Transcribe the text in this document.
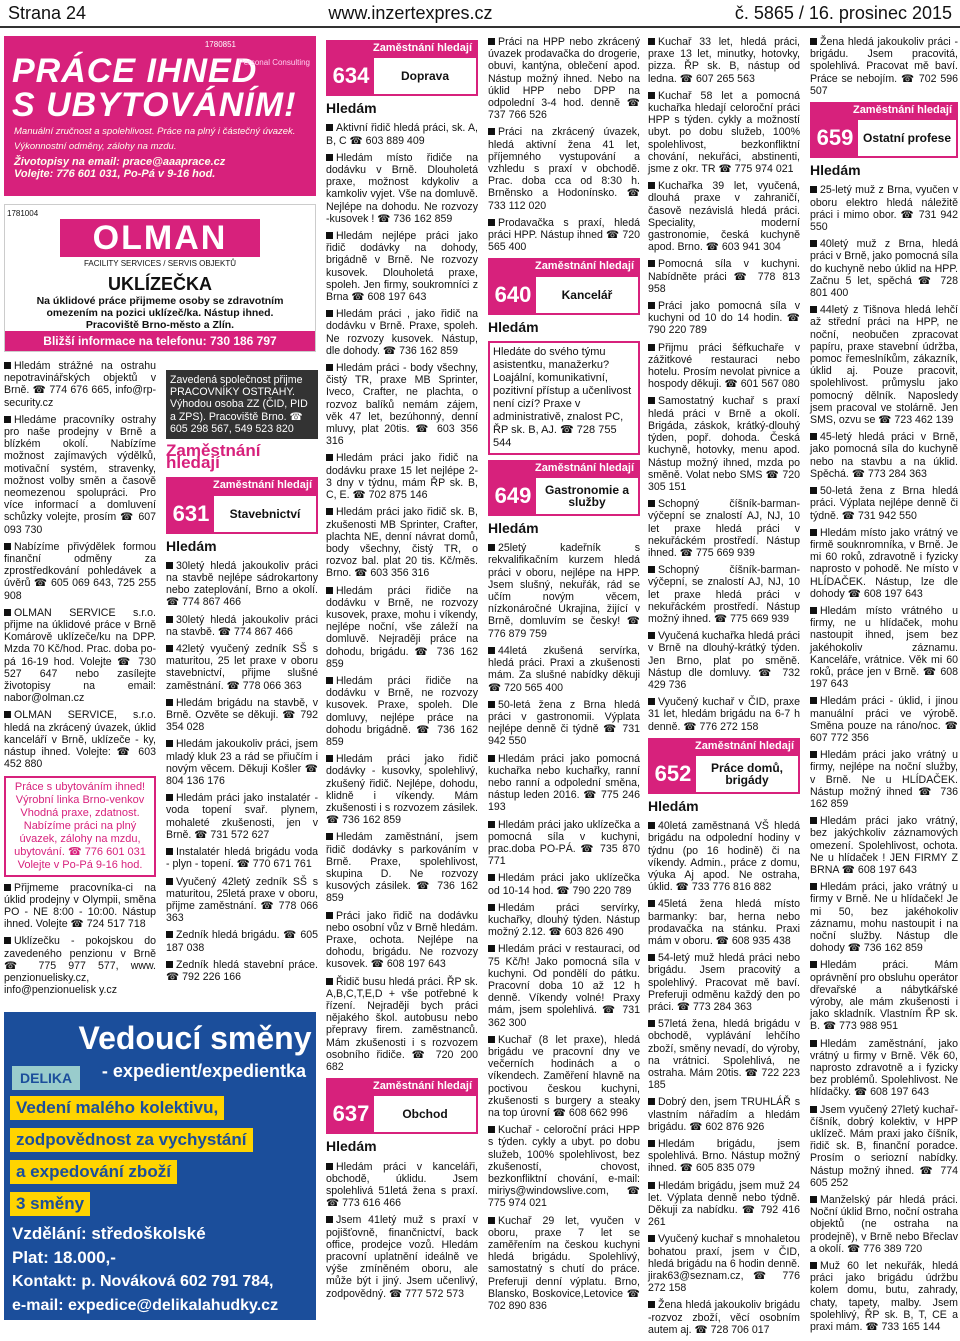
Strana 24	www.inzertexpres.cz	č. 5865 / 16. prosinec 2015
1780851
Personal Consulting
PRÁCE IHNED
S UBYTOVÁNÍM!
Manuální zručnost a spolehlivost. Práce na plný i částečný úvazek.
Výkonnostní odměny, zálohy na mzdu.
Životopisy na email: prace@aaaprace.cz
Volejte: 776 601 031, Po-Pá v 9-16 hod.
1781004
OLMAN
FACILITY SERVICES / SERVIS OBJEKTŮ
UKLÍZEČKA
Na úklidové práce přijmeme osoby se zdravotním
omezením na pozici uklízeč/ka. Nástup ihned.
Pracoviště Brno-město a Zlín.
Bližší informace na telefonu: 730 186 797
Hledám strážné na ostrahu nepotravinářských objektů v Brně. ☎ 774 676 665, info@rp-security.cz
Hledáme pracovníky ostrahy pro naše prodejny v Brně a blízkém okolí. Nabízíme možnost zajímavých výdělků, motivační systém, stravenky, možnost volby směn a časově neomezenou spolupráci. Pro více informací a domluvení schůzky volejte, prosím ☎ 607 093 730
Nabízíme přivýdělek formou finanční odměny za zprostředkování pohledávek a úvěrů ☎ 605 069 643, 725 255 908
OLMAN SERVICE s.r.o. přijme na úklidové práce v Brně Komárově uklízeče/ku na DPP. Mzda 70 Kč/hod. Prac. doba po-pá 16-19 hod. Volejte ☎ 730 527 647 nebo zasílejte životopisy na email: nabor@olman.cz
OLMAN SERVICE, s.r.o. hledá na zkrácený úvazek, úklid kanceláří v Brně, uklízeče - ky, nástup ihned. Volejte: ☎ 603 452 880
Práce s ubytováním ihned!
Výrobní linka Brno-venkov
Vhodná praxe, zdatnost.
Nabízíme práci na plný
úvazek, zálohy na mzdu,
ubytování. ☎ 776 601 031
Volejte v Po-Pá 9-16 hod.
Přijmeme pracovníka-ci na úklid prodejny v Olympii, směna PO - NE 8:00 - 10:00. Nástup ihned. Volejte ☎ 724 517 718
Uklízečku - pokojskou do zavedeného penzionu v Brně ☎ 775 977 577, www. penzionuelisky.cz, info@penzionuelisk y.cz
Vedoucí směny
DELIKA	- expedient/expedientka
Vedení malého kolektivu,
zodpovědnost za vychystání
a expedování zboží
3 směny
Vzdělání: středoškolské
Plat: 18.000,-
Kontakt: p. Nováková 602 791 784,
e-mail: expedice@delikalahudky.cz
Zavedená společnost přijme PRACOVNÍKY OSTRAHY. Výhodou osoba ZZ (ČID, PID a ZPS). Pracoviště Brno. ☎ 605 298 567, 549 523 820
Zaměstnání hledají
Zaměstnání hledají
631	Stavebnictví
Hledám
30letý hledá jakoukoliv práci na stavbě nejlépe sádrokartony nebo zateplování, Brno a okolí. ☎ 774 867 466
30letý hledá jakoukoliv práci na stavbě. ☎ 774 867 466
42letý vyučený zedník SŠ s maturitou, 25 let praxe v oboru stavebnictví, přijme slušné zaměstnání. ☎ 778 066 363
Hledám brigádu na stavbě, v Brně. Ozvěte se děkuji. ☎ 792 354 028
Hledám jakoukoliv práci, jsem mladý kluk 23 a rád se přiučím i novým věcem. Děkuji Košler ☎ 804 136 176
Hledám práci jako instalatér - voda topení svař. plynem, mohaleté zkušenosti, jen v Brně. ☎ 731 572 627
Instalatér hledá brigádu voda - plyn - topení. ☎ 770 671 761
Vyučený 42letý zedník SŠ s maturitou, 25letá praxe v oboru, přijme zaměstnání. ☎ 778 066 363
Zedník hledá brigádu. ☎ 605 187 038
Zedník hledá stavební práce. ☎ 792 226 166
Zaměstnání hledají
634	Doprava
Hledám
Aktivní řidič hledá práci, sk. A, B, C ☎ 603 889 409
Hledám místo řidiče na dodávku v Brně. Dlouholetá praxe, možnost kdykoliv a kamkoliv vyjet. Vše na domluvě. Nejlépe na dohodu. Ne rozvozy -kusovek ! ☎ 736 162 859
Hledám nejlépe práci jako řidič dodávky na dohody, brigádně v Brně. Ne rozvozy kusovek. Dlouholetá praxe, spoleh. Jen firmy, soukromníci z Brna ☎ 608 197 643
Hledám práci , jako řidič na dodávku v Brně. Praxe, spoleh. Ne rozvozy kusovek. Nástup, dle dohody. ☎ 736 162 859
Hledám práci - body všechny, čistý TR, praxe MB Sprinter, Iveco, Crafter, ne plachta, o rozvoz balíků nemám zájem, věk 47 let, bezúhonný, denní mluvy, plat 20tis. ☎ 603 356 316
Hledám práci jako řidič na dodávku praxe 15 let nejlépe 2-3 dny v týdnu, mám ŘP sk. B, C, E. ☎ 702 875 146
Hledám práci jako řidič sk. B, zkušenosti MB Sprinter, Crafter, plachta NE, denní návrat domů, body všechny, čistý TR, o rozvoz bal. plat 20 tis. Kč/měs. Brno. ☎ 603 356 316
Hledám práci řidiče na dodávku v Brně, ne rozvozy kusovek, praxe, mohu i víkendy, nejlépe noční, vše záleží na domluvě. Nejraději práce na dohodu, brigádu. ☎ 736 162 859
Hledám práci řidiče na dodávku v Brně, ne rozvozy kusovek. Praxe, spoleh. Dle domluvy, nejlépe práce na dohodu brigádně. ☎ 736 162 859
Hledám práci jako řidič dodávky - kusovky, spolehlivý, zkušený řidič. Nejlépe, dohodu, klidně i víkendy. Mám zkušenosti i s rozvozem zásilek. ☎ 736 162 859
Hledám zaměstnání, jsem řidič dodávky s parkováním v Brně. Praxe, spolehlivost, skupina D. Ne rozvozy kusových zásilek. ☎ 736 162 859
Práci jako řidič na dodávku nebo osobní vůz v Brně hledám. Praxe, ochota. Nejlépe na dohodu, brigádu. Ne rozvozy kusovek. ☎ 608 197 643
Řidič busu hledá práci. ŘP sk. A,B,C,T,E,D + vše potřebné k řízení. Nejraději bych práci nějakého škol. autobusu nebo přepravy firem. zaměstnanců. Mám zkušenosti i s rozvozem osobního řidiče. ☎ 720 200 682
Zaměstnání hledají
637	Obchod
Hledám
Hledám práci v kanceláři, obchodě, úklidu. Jsem spolehlivá 51letá žena s praxí. ☎ 773 616 466
Jsem 41letý muž s praxí v pojišťovně, finančnictví, back office, prodejce vozů. Hledám pracovní uplatnění ideálně ve výše zmíněném oboru, ale může být i jiný. Jsem učenlivý, zodpovědný. ☎ 777 572 573
Práci na HPP nebo zkrácený úvazek prodavačka do drogerie, obuvi, kantýna, oblečení apod. Nástup možný ihned. Nebo na úklid HPP nebo DPP na odpolední 3-4 hod. denně ☎ 737 766 526
Práci na zkrácený úvazek, hledá aktivní žena 41 let, příjemného vystupování a vzhledu s praxí v obchodě. Prac. doba cca od 8:30 h. Brněnsko a Hodonínsko. ☎ 733 112 020
Prodavačka s praxí, hledá práci HPP. Nástup ihned ☎ 720 565 400
Zaměstnání hledají
640	Kancelář
Hledám
Hledáte do svého týmu asistentku, manažerku? Loajální, komunikativní, pozitivní přístup a učenlivost není cizí? Praxe v administrativě, znalost PC, ŘP sk. B, AJ. ☎ 728 755 544
Zaměstnání hledají
649	Gastronomie a služby
Hledám
25letý kadeřník s rekvalifikačním kurzem hledá práci v oboru, nejlépe na HPP. Jsem slušný, nekuřák, rád se učím novým věcem, nízkonáročné Ukrajina, žijící v Brně, domluvím se česky! ☎ 776 879 759
44letá zkušená servírka, hledá práci. Praxi a zkušenosti mám. Za slušné nabídky děkuji ☎ 720 565 400
50-letá žena z Brna hledá práci v gastronomii. Výplata nejlépe denně či týdně ☎ 731 942 550
Hledám práci jako pomocná kuchařka nebo kuchařky, ranní nebo ranní a odpolední směna, nástup leden 2016. ☎ 775 246 193
Hledám práci jako uklízečka a pomocná síla v kuchyni, prac.doba PO-PÁ. ☎ 735 870 771
Hledám práci jako uklízečka od 10-14 hod. ☎ 790 220 789
Hledám práci servírky, kuchařky, dlouhý týden. Nástup možný 2.12. ☎ 603 826 490
Hledám práci v restauraci, od 75 Kč/h! Jako pomocná síla v kuchyni. Od pondělí do pátku. Pracovní doba 10 až 12 h denně. Víkendy volné! Praxy mám, jsem spolehlivá. ☎ 731 362 300
Kuchař (8 let praxe), hledá brigádu ve pracovní dny ve večerních hodinách a o víkendech. Zaměření hlavně na poctivou českou kuchyni, zkušenosti s burgery a steaky na top úrovní ☎ 608 662 996
Kuchař - celoroční práci HPP s týden. cykly a ubyt. po dobu služeb, 100% spolehlivost, bez zkušeností, chovost, bezkonfliktní chování, e-mail: miriys@windowslive.com, ☎ 775 974 021
Kuchař 29 let, vyučen v oboru, praxe 7 let se zaměřením na českou kuchyni hledá brigádu. Spolehlivý, samostatný s chutí do práce. Preferuji denní výplatu. Brno, Blansko, Boskovice,Letovice ☎ 702 890 836
Kuchař 33 let, hledá práci, praxe 13 let, minutky, hotovky, pizza. ŘP sk. B, nástup od ledna. ☎ 607 265 563
Kuchař 58 let a pomocná kuchařka hledají celoroční práci HPP s týden. cykly a možností ubyt. po dobu služeb, 100% spolehlivost, bezkonfliktní chování, nekuřáci, abstinenti, jsme z okr. TR ☎ 775 974 021
Kuchařka 39 let, vyučená, dlouhá praxe v zahraničí, časově nezávislá hledá práci. Speciality, moderní gastronomie, česká kuchyně apod. Brno. ☎ 603 941 304
Pomocná síla v kuchyni. Nabídněte práci ☎ 778 813 958
Práci jako pomocná síla v kuchyni od 10 do 14 hodin. ☎ 790 220 789
Přijmu práci šéfkuchaře v zážitkové restauraci nebo hotelu. Prosím nevolat pivnice a hospody děkuji. ☎ 601 567 080
Samostatný kuchař s praxí hledá práci v Brně a okolí. Brigáda, záskok, krátký-dlouhý týden, popř. dohoda. Česká kuchyně, hotovky, menu apod. Nástup možný ihned, mzda po směně. Volat nebo SMS ☎ 720 305 151
Schopný číšník-barman-výčepní se znalostí AJ, NJ, 10 let praxe hledá práci v nekuřáckém prostředí. Nástup ihned. ☎ 775 669 939
Schopný číšník-barman-výčepní, se znalostí AJ, NJ, 10 let praxe hledá práci v nekuřáckém prostředí. Nástup možný ihned. ☎ 775 669 939
Vyučená kuchařka hledá práci v Brně na dlouhý-krátký týden. Jen Brno, plat po směně. Nástup dle domluvy. ☎ 732 429 736
Vyučený kuchař v ČID, praxe 31 let, hledám brigádu na 6-7 h denně. ☎ 776 272 158
Zaměstnání hledají
652	Práce domů, brigády
Hledám
40letá zaměstnaná VŠ hledá brigádu na odpolední hodiny v týdnu (po 16 hodině) či na víkendy. Admin., práce z domu, výuka Aj apod. Ne ostraha, úklid. ☎ 733 776 816 882
45letá žena hledá místo barmanky: bar, herna nebo prodavačka na stánku. Praxi mám v oboru. ☎ 608 935 438
54-letý muž hledá práci nebo brigádu. Jsem pracovitý a spolehlivý. Pracovat mě baví. Preferuji odměnu každý den po práci. ☎ 773 284 363
57letá žena, hledá brigádu v obchodě, vyplávání lehčího zboží, směny nevadí, do výroby, na vrátnici. Spolehlivá, ne ostraha. Mám 20tis. ☎ 722 223 185
Dobrý den, jsem TRUHLÁŘ s vlastním nářadím a hledám brigádu. ☎ 602 876 926
Hledám brigádu, jsem spolehlivá. Brno. Nástup možný ihned. ☎ 605 835 079
Hledám brigádu, jsem muž 24 let. Výplata denně nebo týdně. Děkuji za nabídku. ☎ 792 416 261
Vyučený kuchař s mnohaletou bohatou praxí, jsem v ČID, hledá brigádu na 6 hodin denně. jirak63@seznam.cz, ☎ 776 272 158
Žena hledá jakoukoliv brigádu -rozvoz zboží, věcí osobním autem aj. ☎ 728 706 017
Žena hledá jakoukoliv práci - brigádu. Jsem pracovitá, spolehlivá. Pracovat mě baví. Práce se nebojím. ☎ 702 596 507
Zaměstnání hledají
659 Ostatní profese
Hledám
25-letý muž z Brna, vyučen v oboru elektro hledá náležitě práci i mimo obor. ☎ 731 942 550
40letý muž z Brna, hledá práci v Brně, jako pomocná síla do kuchyně nebo úklid na HPP. Začnu 5 let, spěchá ☎ 728 801 400
44letý z Tišnova hledá lehčí až střední práci na HPP, ne noční, neobučen zpracovat papíru, praxe stavební údržba, pomoc řemeslníkům, zákazník, úklid aj. Pouze pracovit, spolehlivost. průmyslu jako pomocný dělník. Naposledy jsem pracoval ve stolárně. Jen SMS, ozvu se ☎ 723 462 139
45-letý hledá práci v Brně, jako pomocná síla do kuchyně nebo na stavbu a na úklid. Spěchá. ☎ 773 284 363
50-letá žena z Brna hledá práci. Výplata nejlépe denně či týdně. ☎ 731 942 550
Hledám místo jako vrátný ve firmě souknromníka, v Brně. Je mi 60 roků, zdravotně i fyzicky naprosto v pohodě. Ne místo v HLÍDAČEK. Nástup, lze dle dohody ☎ 608 197 643
Hledám místo vrátného u firmy, ne u hlídaček, mohu nastoupit ihned, jsem bez jakéhokoliv záznamu. Kanceláře, vrátnice. Věk mi 60 roků, práce jen v Brně. ☎ 608 197 643
Hledám práci - úklid, i jinou manuální práci ve výrobě. Směna pouze na ráno/noc. ☎ 607 772 356
Hledám práci jako vrátný u firmy, nejlépe na noční služby, v Brně. Ne u HLÍDAČEK. Nástup možný ihned ☎ 736 162 859
Hledám práci jako vrátný, bez jakýchkoliv záznamových omezení. Spolehlivost, ochota. Ne u hlídaček ! JEN FIRMY Z BRNA ☎ 608 197 643
Hledám práci, jako vrátný u firmy v Brně. Ne u hlídaček! Je mi 50, bez jakéhokoliv záznamu, mohu nastoupit i na noční služby. Nástup dle dohody ☎ 736 162 859
Hledám práci. Mám oprávnění pro obsluhu operátor dřevařské a nábytkářské výroby, ale mám zkušenosti i jako skladník. Vlastním ŘP sk. B. ☎ 773 988 951
Hledám zaměstnání, jako vrátný u firmy v Brně. Věk 60, naprosto zdravotně a i fyzicky bez problémů. Spolehlivost. Ne hlídačky. ☎ 608 197 643
Jsem vyučený 27letý kuchař-číšník, dobrý kolektiv, v HPP uklízeč. Mám praxi jako číšník, řidič sk. B, finanční poradce. Prosím o seriozní nabídky. Nástup možný ihned. ☎ 774 605 252
Manželský pár hledá práci. Noční úklid Brno, noční ostraha objektů (ne ostraha na prodejně), v Brně nebo Břeclav a okolí. ☎ 776 389 720
Muž 60 let nekuřák, hledá práci jako brigádu údržbu kolem domu, butu, zahrady, chaty, tapety, malby. Jsem spolehlivý, ŘP sk. B, T, CE a praxi mám. ☎ 733 165 144
